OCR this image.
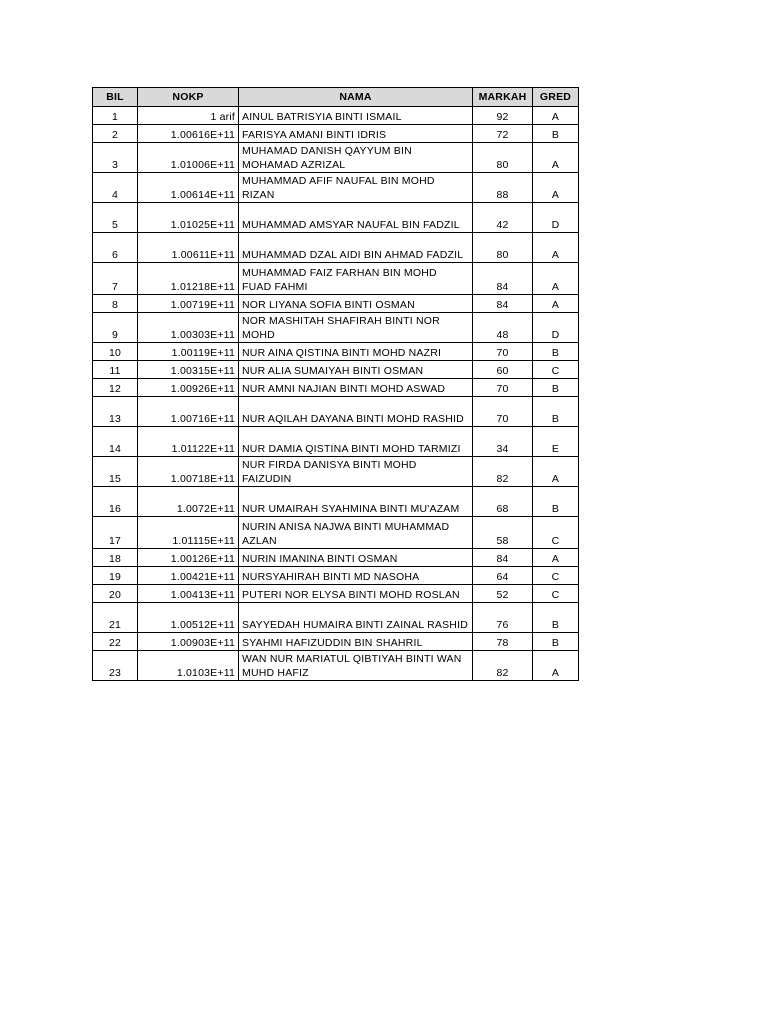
BIL	NOKP	NAMA	MARKAH	GRED
1	1 arif	AINUL BATRISYIA BINTI ISMAIL	92	A
2	1.00616E+11	FARISYA AMANI BINTI IDRIS	72	B
3	1.01006E+11	MUHAMAD DANISH QAYYUM BIN MOHAMAD AZRIZAL	80	A
4	1.00614E+11	MUHAMMAD AFIF NAUFAL BIN MOHD RIZAN	88	A
5	1.01025E+11	MUHAMMAD AMSYAR NAUFAL BIN FADZIL	42	D
6	1.00611E+11	MUHAMMAD DZAL AIDI BIN AHMAD FADZIL	80	A
7	1.01218E+11	MUHAMMAD FAIZ FARHAN BIN MOHD FUAD FAHMI	84	A
8	1.00719E+11	NOR LIYANA SOFIA BINTI OSMAN	84	A
9	1.00303E+11	NOR MASHITAH SHAFIRAH BINTI NOR MOHD	48	D
10	1.00119E+11	NUR AINA QISTINA BINTI MOHD NAZRI	70	B
11	1.00315E+11	NUR ALIA SUMAIYAH BINTI OSMAN	60	C
12	1.00926E+11	NUR AMNI NAJIAN BINTI MOHD ASWAD	70	B
13	1.00716E+11	NUR AQILAH DAYANA BINTI MOHD RASHID	70	B
14	1.01122E+11	NUR DAMIA QISTINA BINTI MOHD TARMIZI	34	E
15	1.00718E+11	NUR FIRDA DANISYA BINTI MOHD FAIZUDIN	82	A
16	1.0072E+11	NUR UMAIRAH SYAHMINA BINTI MU'AZAM	68	B
17	1.01115E+11	NURIN ANISA NAJWA BINTI MUHAMMAD AZLAN	58	C
18	1.00126E+11	NURIN IMANINA BINTI OSMAN	84	A
19	1.00421E+11	NURSYAHIRAH BINTI MD NASOHA	64	C
20	1.00413E+11	PUTERI NOR ELYSA BINTI MOHD ROSLAN	52	C
21	1.00512E+11	SAYYEDAH HUMAIRA BINTI ZAINAL RASHID	76	B
22	1.00903E+11	SYAHMI HAFIZUDDIN BIN SHAHRIL	78	B
23	1.0103E+11	WAN NUR MARIATUL QIBTIYAH BINTI WAN MUHD HAFIZ	82	A
